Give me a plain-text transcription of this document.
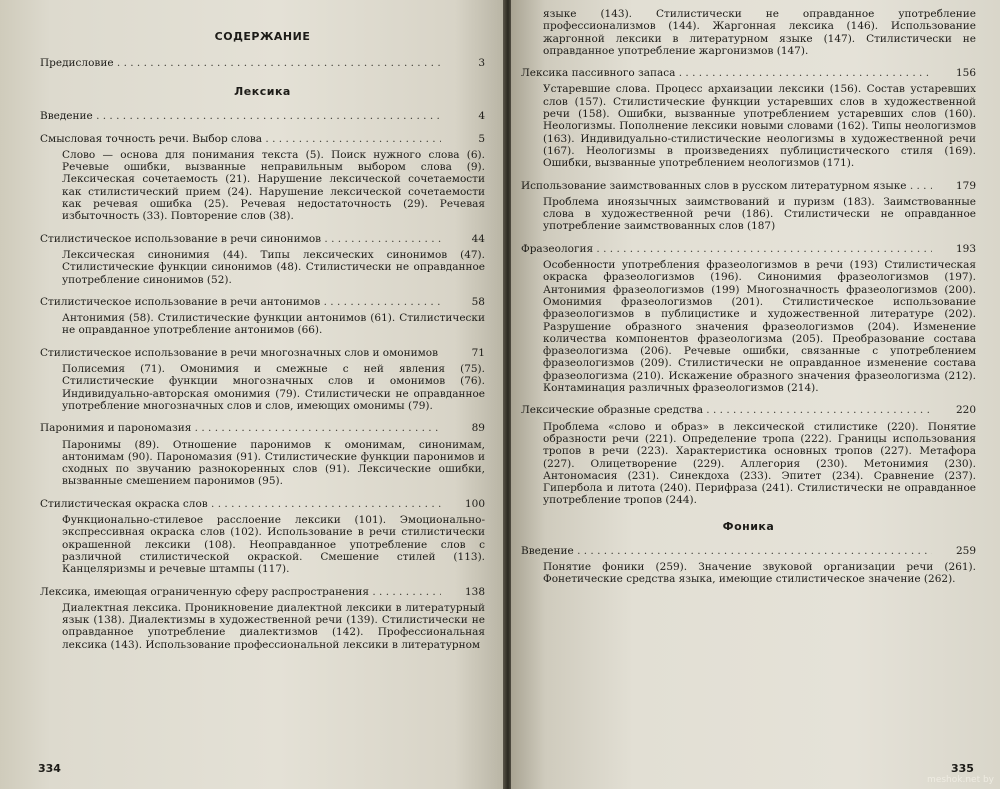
СОДЕРЖАНИЕ
Предисловие . . .	3
Лексика
Введение . . .	4
Смысловая точность речи. Выбор слова . . .	5
Слово — основа для понимания текста (5). Поиск нужного слова (6). Речевые ошибки, вызванные неправильным выбором слова (9). Лексическая сочетаемость (21). Нарушение лексической сочетаемости как стилистический прием (24). Нарушение лексической сочетаемости как речевая ошибка (25). Речевая недостаточность (29). Речевая избыточность (33). Повторение слов (38).
Стилистическое использование в речи синонимов . . .	44
Лексическая синонимия (44). Типы лексических синонимов (47). Стилистические функции синонимов (48). Стилистически не оправданное употребление синонимов (52).
Стилистическое использование в речи антонимов . . .	58
Антонимия (58). Стилистические функции антонимов (61). Стилистически не оправданное употребление антонимов (66).
Стилистическое использование в речи многозначных слов и омонимов . . .	71
Полисемия (71). Омонимия и смежные с ней явления (75). Стилистические функции многозначных слов и омонимов (76). Индивидуально-авторская омонимия (79). Стилистически не оправданное употребление многозначных слов и слов, имеющих омонимы (79).
Паронимия и парономазия . . .	89
Паронимы (89). Отношение паронимов к омонимам, синонимам, антонимам (90). Парономазия (91). Стилистические функции паронимов и сходных по звучанию разнокоренных слов (91). Лексические ошибки, вызванные смешением паронимов (95).
Стилистическая окраска слов . . .	100
Функционально-стилевое расслоение лексики (101). Эмоционально-экспрессивная окраска слов (102). Использование в речи стилистически окрашенной лексики (108). Неоправданное употребление слов с различной стилистической окраской. Смешение стилей (113). Канцеляризмы и речевые штампы (117).
Лексика, имеющая ограниченную сферу распространения . . .	138
Диалектная лексика. Проникновение диалектной лексики в литературный язык (138). Диалектизмы в художественной речи (139). Стилистически не оправданное употребление диалектизмов (142). Профессиональная лексика (143). Использование профессиональной лексики в литературном
334
языке (143). Стилистически не оправданное употребление профессионализмов (144). Жаргонная лексика (146). Использование жаргонной лексики в литературном языке (147). Стилистически не оправданное употребление жаргонизмов (147).
Лексика пассивного запаса . . .	156
Устаревшие слова. Процесс архаизации лексики (156). Состав устаревших слов (157). Стилистические функции устаревших слов в художественной речи (158). Ошибки, вызванные употреблением устаревших слов (160). Неологизмы. Пополнение лексики новыми словами (162). Типы неологизмов (163). Индивидуально-стилистические неологизмы в художественной речи (167). Неологизмы в произведениях публицистического стиля (169). Ошибки, вызванные употреблением неологизмов (171).
Использование заимствованных слов в русском литературном языке . . .	179
Проблема иноязычных заимствований и пуризм (183). Заимствованные слова в художественной речи (186). Стилистически не оправданное употребление заимствованных слов (187)
Фразеология . . .	193
Особенности употребления фразеологизмов в речи (193) Стилистическая окраска фразеологизмов (196). Синонимия фразеологизмов (197). Антонимия фразеологизмов (199) Многозначность фразеологизмов (200). Омонимия фразеологизмов (201). Стилистическое использование фразеологизмов в публицистике и художественной литературе (202). Разрушение образного значения фразеологизмов (204). Изменение количества компонентов фразеологизма (205). Преобразование состава фразеологизма (206). Речевые ошибки, связанные с употреблением фразеологизмов (209). Стилистически не оправданное изменение состава фразеологизма (210). Искажение образного значения фразеологизма (212). Контаминация различных фразеологизмов (214).
Лексические образные средства . . .	220
Проблема «слово и образ» в лексической стилистике (220). Понятие образности речи (221). Определение тропа (222). Границы использования тропов в речи (223). Характеристика основных тропов (227). Метафора (227). Олицетворение (229). Аллегория (230). Метонимия (230). Антономасия (231). Синекдоха (233). Эпитет (234). Сравнение (237). Гипербола и литота (240). Перифраза (241). Стилистически не оправданное употребление тропов (244).
Фоника
Введение . . .	259
Понятие фоники (259). Значение звуковой организации речи (261). Фонетические средства языка, имеющие стилистическое значение (262).
335
meshok.net by
